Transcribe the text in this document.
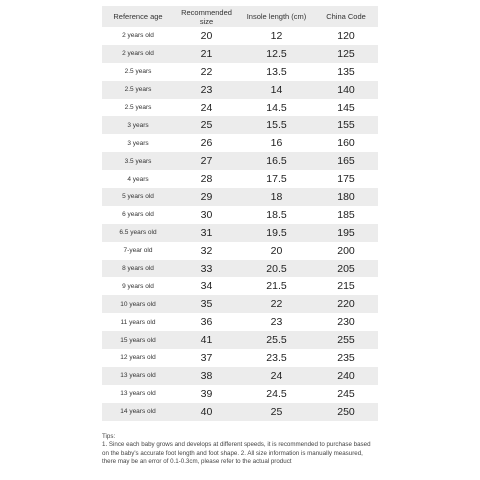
Reference age	Recommended size	Insole length (cm)	China Code
2 years old	20	12	120
2 years old	21	12.5	125
2.5 years	22	13.5	135
2.5 years	23	14	140
2.5 years	24	14.5	145
3 years	25	15.5	155
3 years	26	16	160
3.5 years	27	16.5	165
4 years	28	17.5	175
5 years old	29	18	180
6 years old	30	18.5	185
6.5 years old	31	19.5	195
7-year old	32	20	200
8 years old	33	20.5	205
9 years old	34	21.5	215
10 years old	35	22	220
11 years old	36	23	230
15 years old	41	25.5	255
12 years old	37	23.5	235
13 years old	38	24	240
13 years old	39	24.5	245
14 years old	40	25	250
Tips:

1. Since each baby grows and develops at different speeds, it is recommended to purchase based on the baby's accurate foot length and foot shape. 2. All size information is manually measured, there may be an error of 0.1-0.3cm, please refer to the actual product
